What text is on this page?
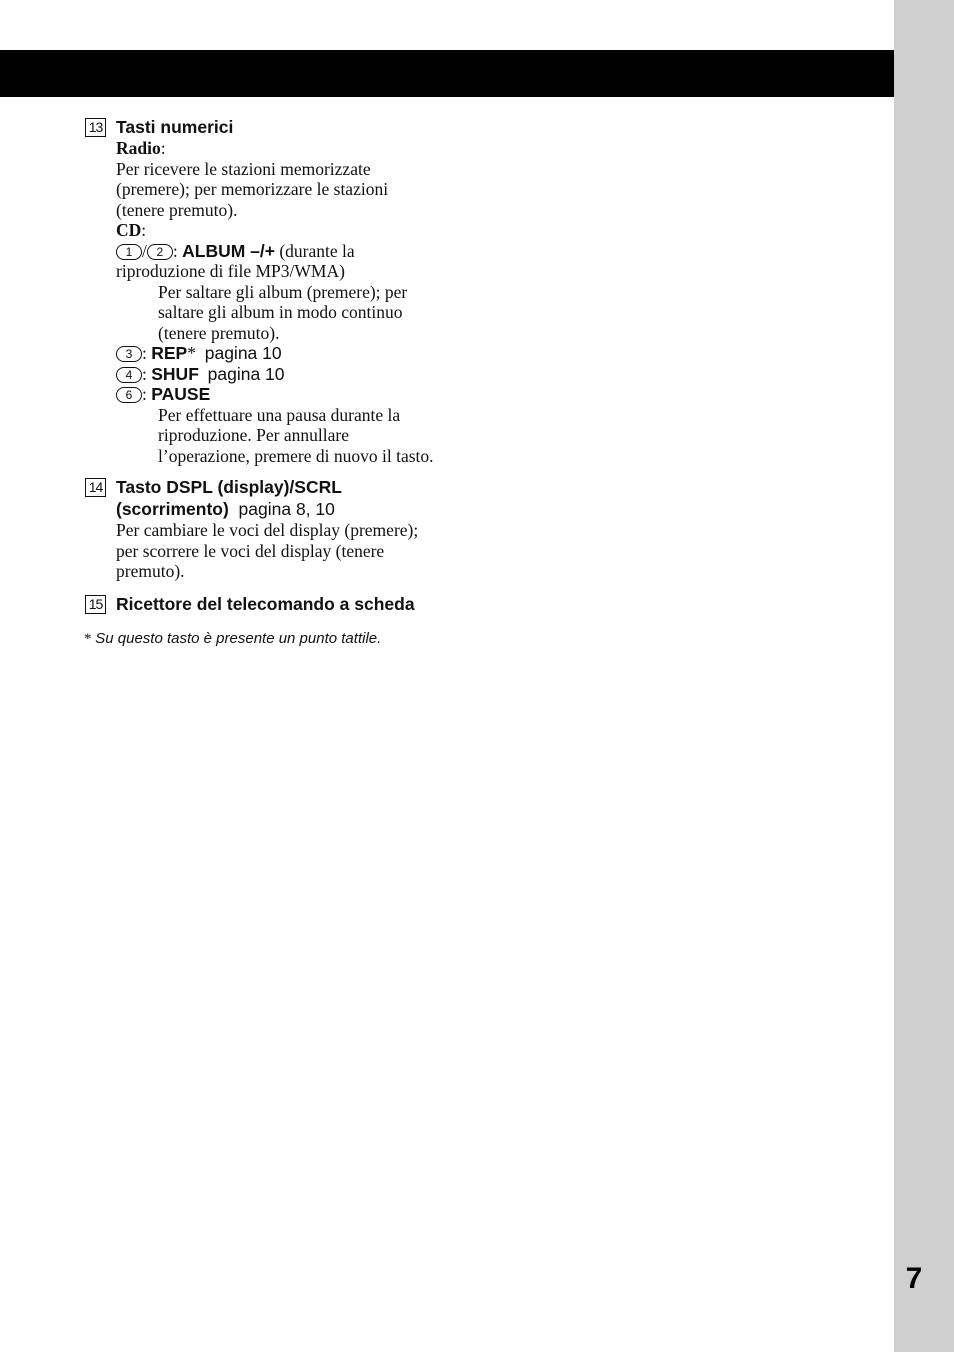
7
13 Tasti numerici
Radio:
Per ricevere le stazioni memorizzate
(premere); per memorizzare le stazioni
(tenere premuto).
CD:
1 / 2 : ALBUM –/+ (durante la
riproduzione di file MP3/WMA)
Per saltare gli album (premere); per
saltare gli album in modo continuo
(tenere premuto).
3 : REP*  pagina 10
4 : SHUF pagina 10
6 : PAUSE
Per effettuare una pausa durante la
riproduzione. Per annullare
l’operazione, premere di nuovo il tasto.
14 Tasto DSPL (display)/SCRL
(scorrimento) pagina 8, 10
Per cambiare le voci del display (premere);
per scorrere le voci del display (tenere
premuto).
15 Ricettore del telecomando a scheda
* Su questo tasto è presente un punto tattile.
